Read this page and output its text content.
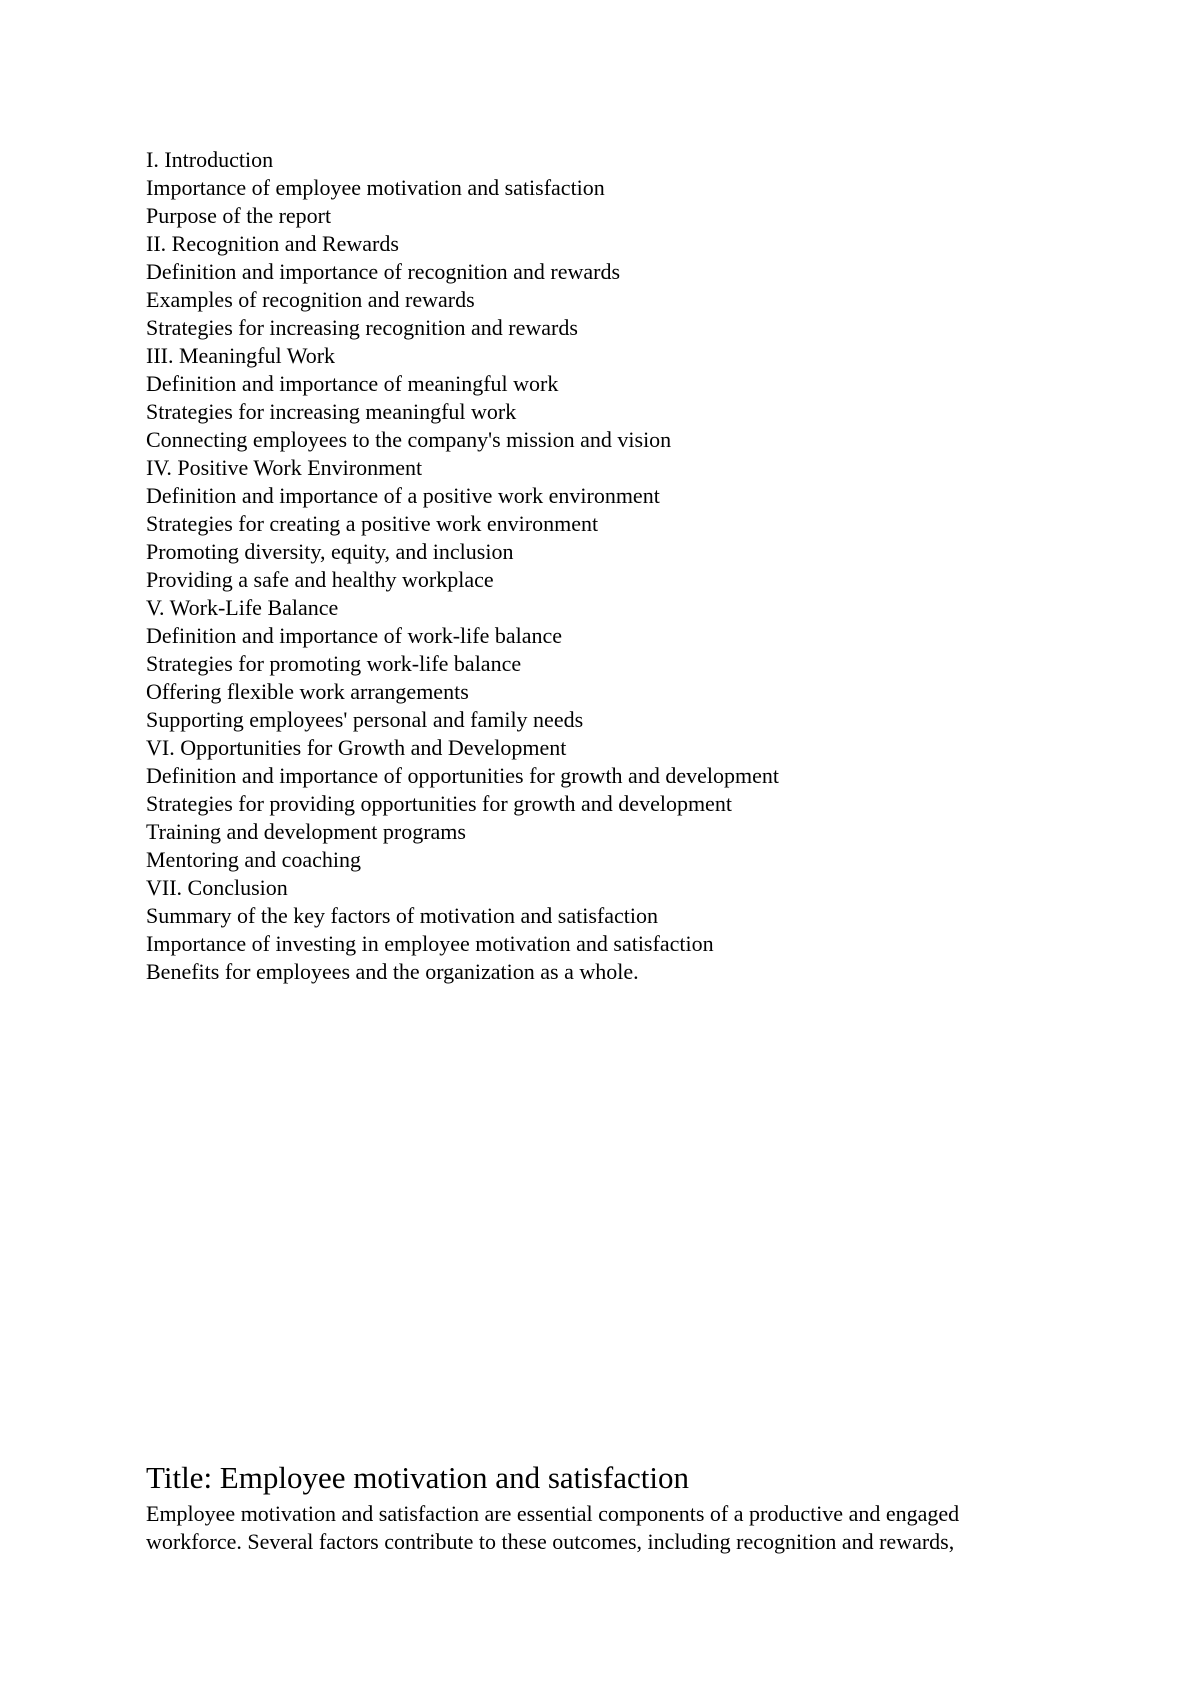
I. Introduction
Importance of employee motivation and satisfaction
Purpose of the report
II. Recognition and Rewards
Definition and importance of recognition and rewards
Examples of recognition and rewards
Strategies for increasing recognition and rewards
III. Meaningful Work
Definition and importance of meaningful work
Strategies for increasing meaningful work
Connecting employees to the company's mission and vision
IV. Positive Work Environment
Definition and importance of a positive work environment
Strategies for creating a positive work environment
Promoting diversity, equity, and inclusion
Providing a safe and healthy workplace
V. Work-Life Balance
Definition and importance of work-life balance
Strategies for promoting work-life balance
Offering flexible work arrangements
Supporting employees' personal and family needs
VI. Opportunities for Growth and Development
Definition and importance of opportunities for growth and development
Strategies for providing opportunities for growth and development
Training and development programs
Mentoring and coaching
VII. Conclusion
Summary of the key factors of motivation and satisfaction
Importance of investing in employee motivation and satisfaction
Benefits for employees and the organization as a whole.
Title: Employee motivation and satisfaction

Employee motivation and satisfaction are essential components of a productive and engaged
workforce. Several factors contribute to these outcomes, including recognition and rewards,
